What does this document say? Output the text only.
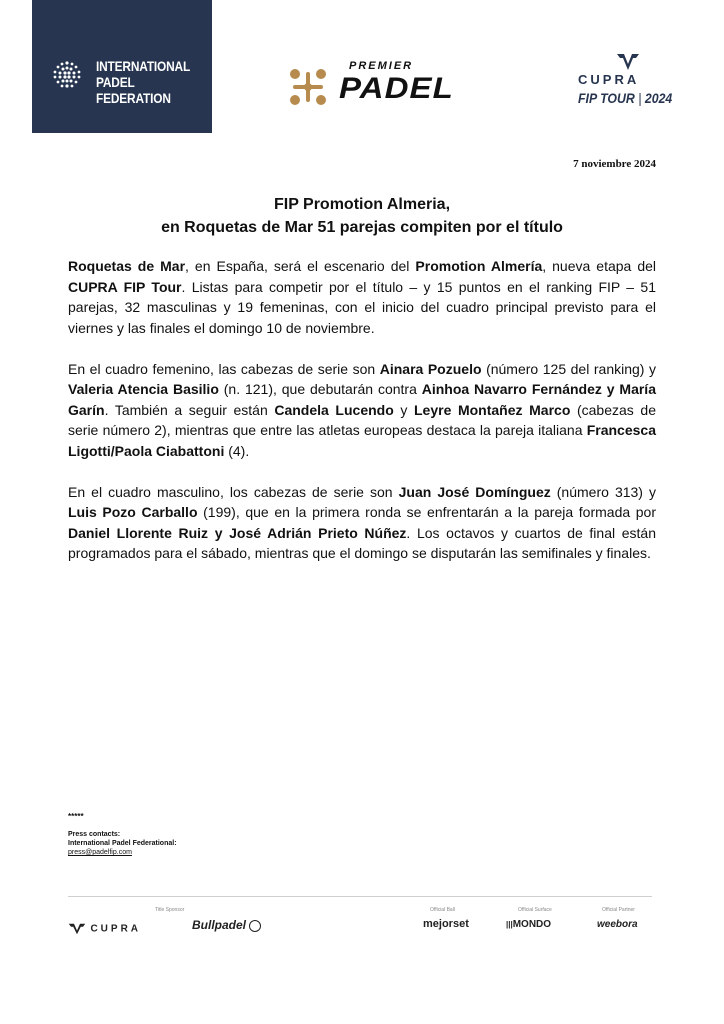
INTERNATIONAL
PADEL
FEDERATION
PREMIER
PADEL	CUPRA
FIP TOUR | 2024
7 noviembre 2024
FIP Promotion Almeria,
en Roquetas de Mar 51 parejas compiten por el título

Roquetas de Mar, en España, será el escenario del Promotion Almería, nueva etapa del CUPRA FIP Tour. Listas para competir por el título – y 15 puntos en el ranking FIP – 51 parejas, 32 masculinas y 19 femeninas, con el inicio del cuadro principal previsto para el viernes y las finales el domingo 10 de noviembre.

En el cuadro femenino, las cabezas de serie son Ainara Pozuelo (número 125 del ranking) y Valeria Atencia Basilio (n. 121), que debutarán contra Ainhoa Navarro Fernández y María Garín. También a seguir están Candela Lucendo y Leyre Montañez Marco (cabezas de serie número 2), mientras que entre las atletas europeas destaca la pareja italiana Francesca Ligotti/Paola Ciabattoni (4).

En el cuadro masculino, los cabezas de serie son Juan José Domínguez (número 313) y Luis Pozo Carballo (199), que en la primera ronda se enfrentarán a la pareja formada por Daniel Llorente Ruiz y José Adrián Prieto Núñez. Los octavos y cuartos de final están programados para el sábado, mientras que el domingo se disputarán las semifinales y finales.

*****
Press contacts:
International Padel Federational:
press@padelfip.com
Title Sponsor	Official Ball	Official Surface	Official Partner
CUPRA	Bullpadel	mejorset	|||MONDO	weebora
